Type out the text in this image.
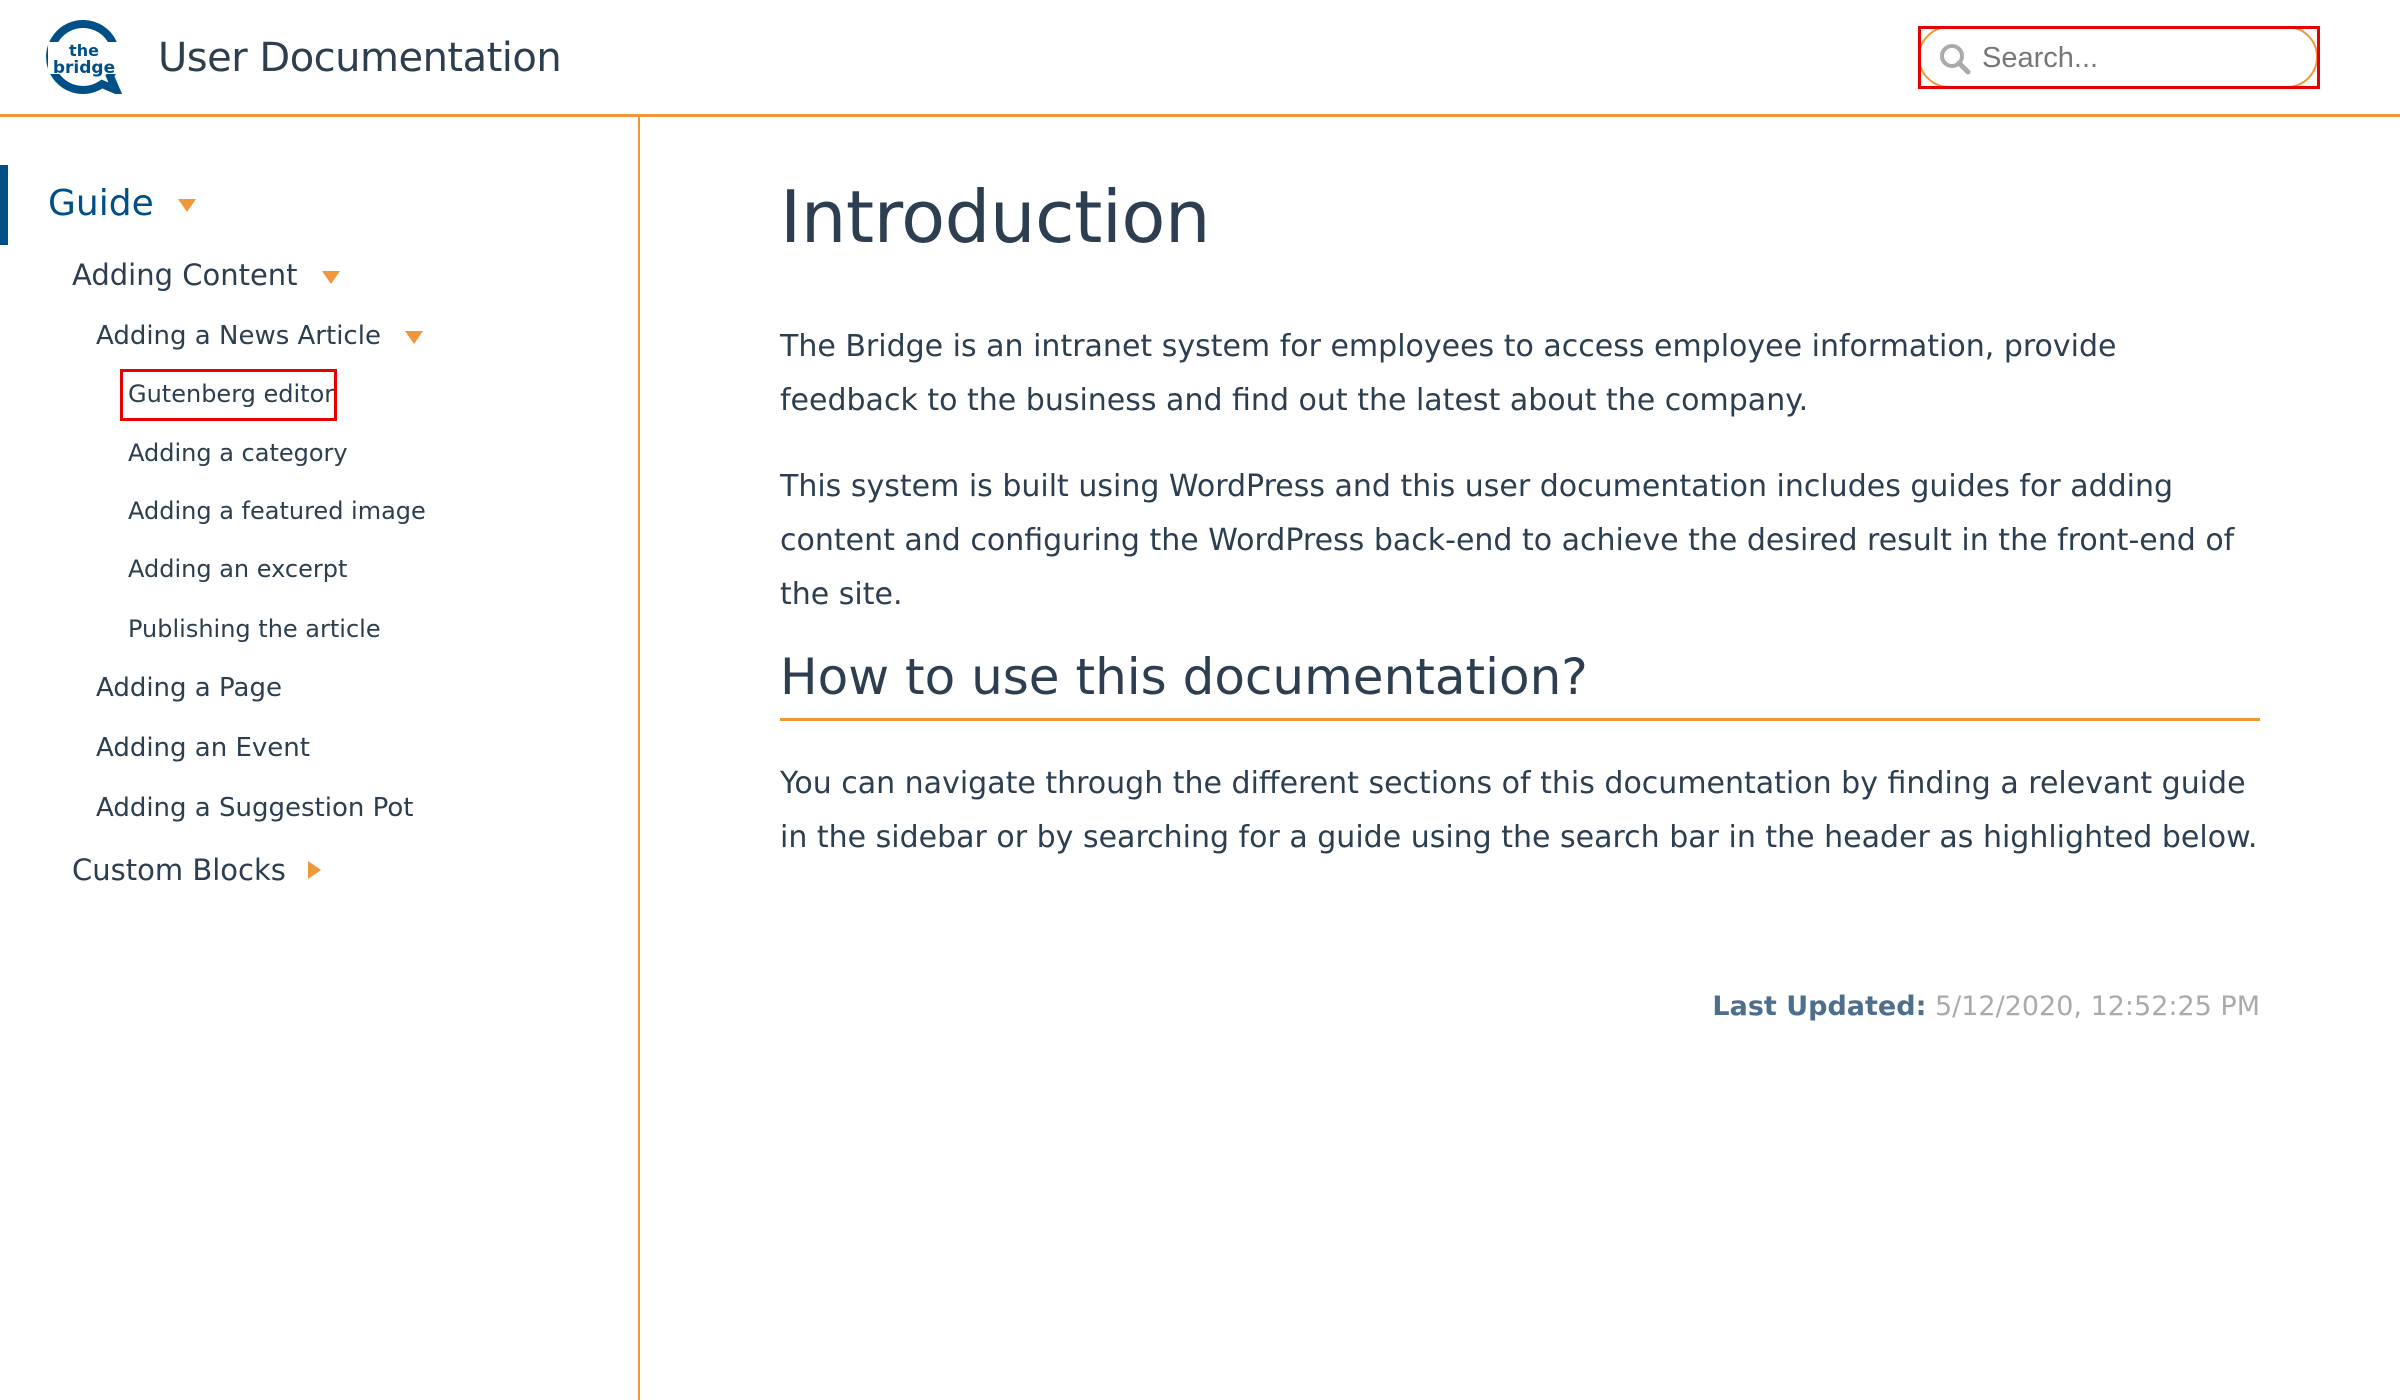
the
bridge User Documentation
Search...
Guide
Adding Content
Adding a News Article
Gutenberg editor
Adding a category
Adding a featured image
Adding an excerpt
Publishing the article
Adding a Page
Adding an Event
Adding a Suggestion Pot
Custom Blocks
Introduction

The Bridge is an intranet system for employees to access employee information, provide feedback to the business and find out the latest about the company.

This system is built using WordPress and this user documentation includes guides for adding content and configuring the WordPress back-end to achieve the desired result in the front-end of the site.

How to use this documentation?

You can navigate through the different sections of this documentation by finding a relevant guide in the sidebar or by searching for a guide using the search bar in the header as highlighted below.

Last Updated: 5/12/2020, 12:52:25 PM
